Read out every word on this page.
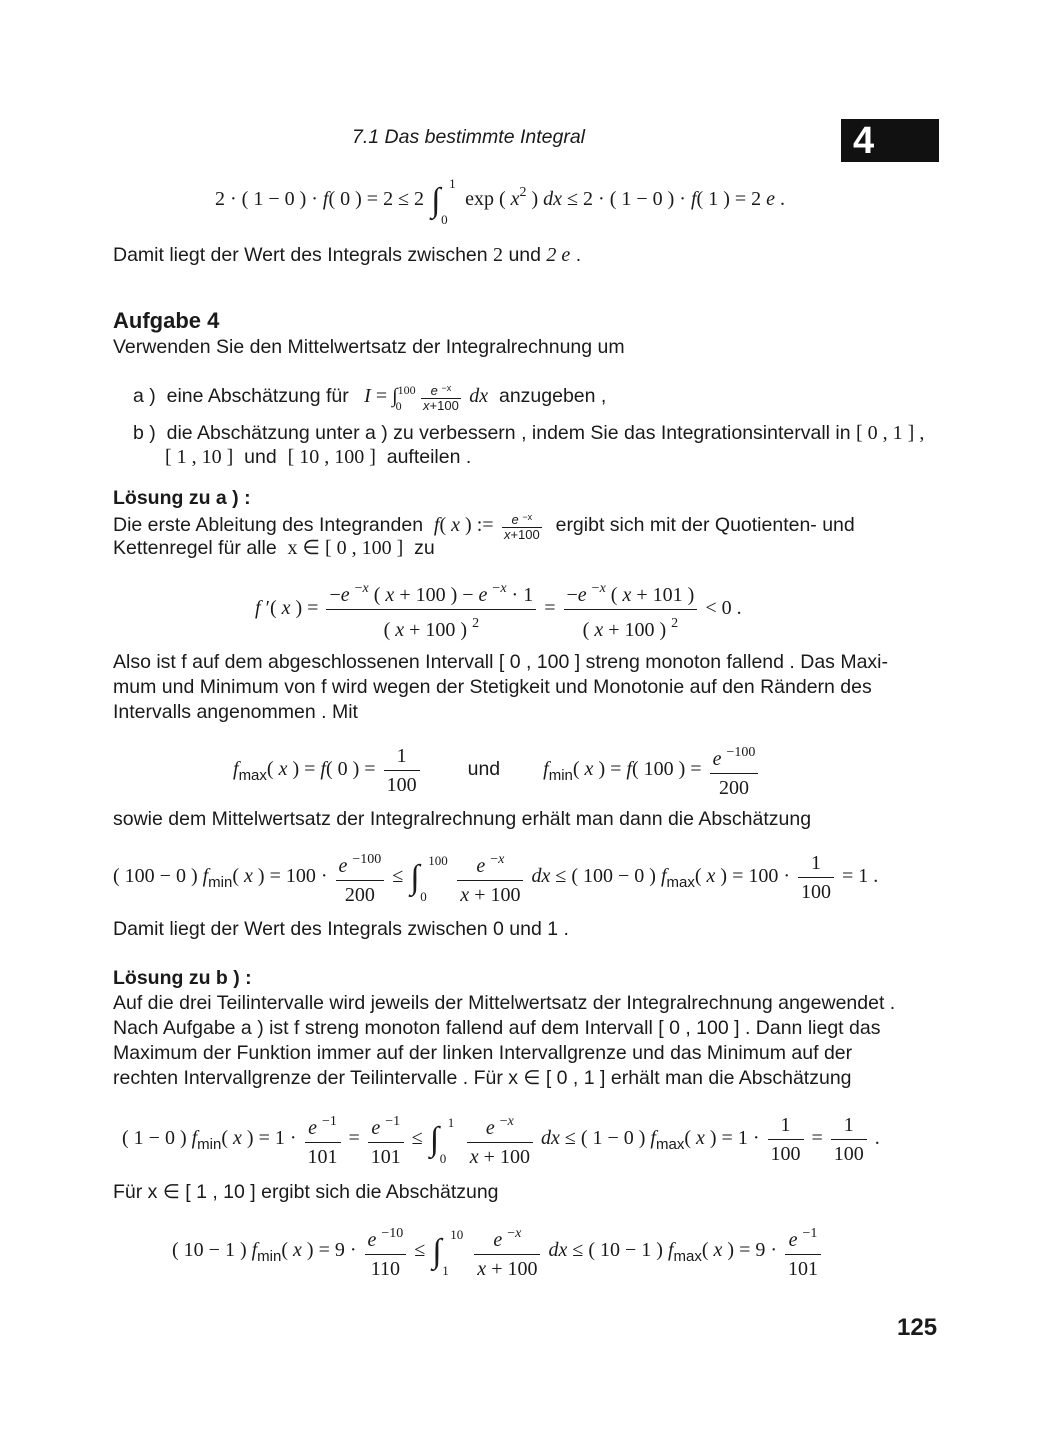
7.1 Das bestimmte Integral	4
2 · ( 1 − 0 ) · f( 0 ) = 2 ≤ 2 ∫ 1
0
exp ( $x^2$ ) dx ≤ 2 · ( 1 − 0 ) · f( 1 ) = 2 e .
Damit liegt der Wert des Integrals zwischen 2 und 2 e .
Aufgabe 4
Verwenden Sie den Mittelwertsatz der Integralrechnung um
a ) eine Abschätzung für $I = \int^{100}_0 \frac{e ^{-x}}{x+100}$ dx anzugeben ,
b ) die Abschätzung unter a ) zu verbessern , indem Sie das Integrationsintervall in [ 0 , 1 ] ,
[ 1 , 10 ] und [ 10 , 100 ] aufteilen .
Lösung zu a ) :
Die erste Ableitung des Integranden f( x ) := $\frac{e ^{-x}}{x+100}$ ergibt sich mit der Quotienten- und
Kettenregel für alle x ∈ [ 0 , 100 ] zu
f ′( x ) = $\frac{-e ^{-x} ( x + 100 ) - e ^{-x} \cdot 1}{( x + 100 ) ^2} = \frac{-e ^{-x} ( x + 101 )}{( x + 100 ) ^2} < 0$ .
Also ist f auf dem abgeschlossenen Intervall [ 0 , 100 ] streng monoton fallend . Das Maxi-
mum und Minimum von f wird wegen der Stetigkeit und Monotonie auf den Rändern des
Intervalls angenommen . Mit
$f_{max}$( x ) = f( 0 ) = $\frac{1}{100}$ und $f_{min}$( x ) = f( 100 ) = $\frac{e ^{-100}}{200}$
sowie dem Mittelwertsatz der Integralrechnung erhält man dann die Abschätzung
( 100 − 0 ) $f_{min}$( x ) = $100 \cdot \frac{e ^{-100}}{200}$ ≤ ∫ 100
0
$\frac{e ^{-x}}{x + 100}$ dx ≤ ( 100 − 0 ) $f_{max}$( x ) = $100 \cdot \frac{1}{100} = 1$ .
Damit liegt der Wert des Integrals zwischen 0 und 1 .
Lösung zu b ) :
Auf die drei Teilintervalle wird jeweils der Mittelwertsatz der Integralrechnung angewendet .
Nach Aufgabe a ) ist f streng monoton fallend auf dem Intervall [ 0 , 100 ] . Dann liegt das
Maximum der Funktion immer auf der linken Intervallgrenze und das Minimum auf der
rechten Intervallgrenze der Teilintervalle . Für x ∈ [ 0 , 1 ] erhält man die Abschätzung
( 1 − 0 ) $f_{min}$( x ) = $1 \cdot \frac{e ^{-1}}{101} = \frac{e ^{-1}}{101}$ ≤ ∫ 1
0
$\frac{e ^{-x}}{x + 100}$ dx ≤ ( 1 − 0 ) $f_{max}$( x ) = $1 \cdot \frac{1}{100} = \frac{1}{100}$ .
Für x ∈ [ 1 , 10 ] ergibt sich die Abschätzung
( 10 − 1 ) $f_{min}$( x ) = $9 \cdot \frac{e ^{-10}}{110}$ ≤ ∫ 10
1
$\frac{e ^{-x}}{x + 100}$ dx ≤ ( 10 − 1 ) $f_{max}$( x ) = $9 \cdot \frac{e ^{-1}}{101}$
125
